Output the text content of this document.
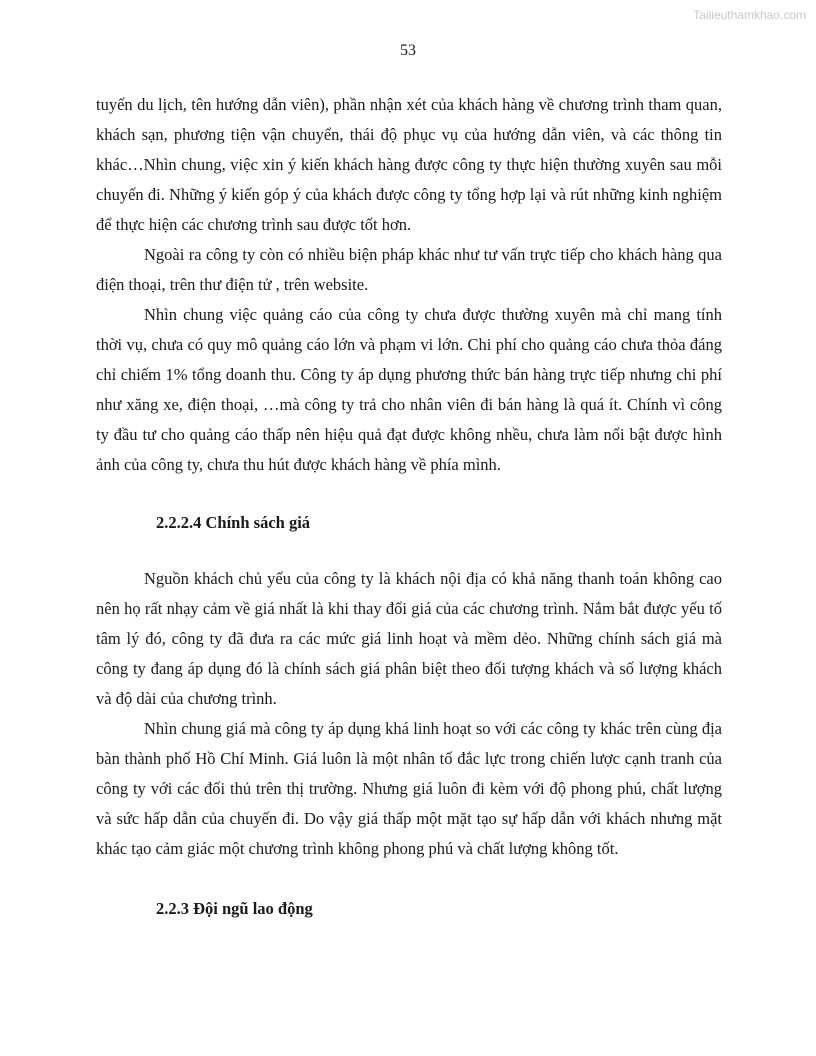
Tailieuthamkhao.com
53
tuyến du lịch, tên hướng dẫn viên), phần nhận xét của khách hàng về chương trình tham quan, khách sạn, phương tiện vận chuyển, thái độ phục vụ của hướng dẫn viên, và các thông tin khác…Nhìn chung, việc xin ý kiến khách hàng được công ty thực hiện thường xuyên sau mỗi chuyến đi. Những ý kiến góp ý của khách được công ty tổng hợp lại và rút những kinh nghiệm để thực hiện các chương trình sau được tốt hơn.
Ngoài ra công ty còn có nhiều biện pháp khác như tư vấn trực tiếp cho khách hàng qua điện thoại, trên thư điện tử , trên website.
Nhìn chung việc quảng cáo của công ty chưa được thường xuyên mà chỉ mang tính thời vụ, chưa có quy mô quảng cáo lớn và phạm vi lớn. Chi phí cho quảng cáo chưa thỏa đáng chỉ chiếm 1% tổng doanh thu. Công ty áp dụng phương thức bán hàng trực tiếp nhưng chi phí như xăng xe, điện thoại, …mà công ty trả cho nhân viên đi bán hàng là quá ít. Chính vì công ty đầu tư cho quảng cáo thấp nên hiệu quả đạt được không nhều, chưa làm nổi bật được hình ảnh của công ty, chưa thu hút được khách hàng về phía mình.
2.2.2.4 Chính sách giá
Nguồn khách chủ yếu của công ty là khách nội địa có khả năng thanh toán không cao nên họ rất nhạy cảm về giá nhất là khi thay đổi giá của các chương trình. Nắm bắt được yếu tố tâm lý đó, công ty đã đưa ra các mức giá linh hoạt và mềm dẻo. Những chính sách giá mà công ty đang áp dụng đó là chính sách giá phân biệt theo đối tượng khách và số lượng khách và độ dài của chương trình.
Nhìn chung giá mà công ty áp dụng khá linh hoạt so với các công ty khác trên cùng địa bàn thành phố Hồ Chí Minh. Giá luôn là một nhân tố đắc lực trong chiến lược cạnh tranh của công ty với các đối thủ trên thị trường. Nhưng giá luôn đi kèm với độ phong phú, chất lượng và sức hấp dẫn của chuyến đi. Do vậy giá thấp một mặt tạo sự hấp dẫn với khách nhưng mặt khác tạo cảm giác một chương trình không phong phú và chất lượng không tốt.
2.2.3 Đội ngũ lao động
